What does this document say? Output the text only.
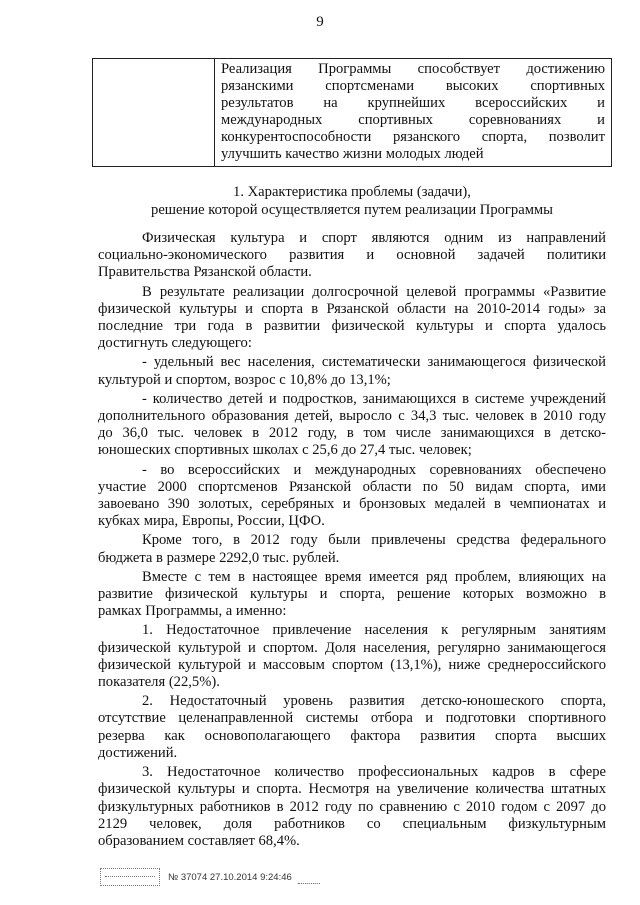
9

Реализация Программы способствует достижению

рязанскими спортсменами высоких спортивных

результатов на крупнейших всероссийских и

международных спортивных соревнованиях и

конкурентоспособности рязанского спорта, позволит

улучшить качество жизни молодых людей

1. Характеристика проблемы (задачи),
решение которой осуществляется путем реализации Программы

Физическая культура и спорт являются одним из направлений

социально-экономического развития и основной задачей политики

Правительства Рязанской области.

В результате реализации долгосрочной целевой программы «Развитие

физической культуры и спорта в Рязанской области на 2010-2014 годы» за

последние три года в развитии физической культуры и спорта удалось

достигнуть следующего:

- удельный вес населения, систематически занимающегося физической

культурой и спортом, возрос с 10,8% до 13,1%;

- количество детей и подростков, занимающихся в системе учреждений

дополнительного образования детей, выросло с 34,3 тыс. человек в 2010 году

до 36,0 тыс. человек в 2012 году, в том числе занимающихся в детско-

юношеских спортивных школах с 25,6 до 27,4 тыс. человек;

- во всероссийских и международных соревнованиях обеспечено

участие 2000 спортсменов Рязанской области по 50 видам спорта, ими

завоевано 390 золотых, серебряных и бронзовых медалей в чемпионатах и

кубках мира, Европы, России, ЦФО.

Кроме того, в 2012 году были привлечены средства федерального

бюджета в размере 2292,0 тыс. рублей.

Вместе с тем в настоящее время имеется ряд проблем, влияющих на

развитие физической культуры и спорта, решение которых возможно в

рамках Программы, а именно:

1. Недостаточное привлечение населения к регулярным занятиям

физической культурой и спортом. Доля населения, регулярно занимающегося

физической культурой и массовым спортом (13,1%), ниже среднероссийского

показателя (22,5%).

2. Недостаточный уровень развития детско-юношеского спорта,

отсутствие целенаправленной системы отбора и подготовки спортивного

резерва как основополагающего фактора развития спорта высших

достижений.

3. Недостаточное количество профессиональных кадров в сфере

физической культуры и спорта. Несмотря на увеличение количества штатных

физкультурных работников в 2012 году по сравнению с 2010 годом с 2097 до

2129 человек, доля работников со специальным физкультурным

образованием составляет 68,4%.

№ 37074 27.10.2014 9:24:46
